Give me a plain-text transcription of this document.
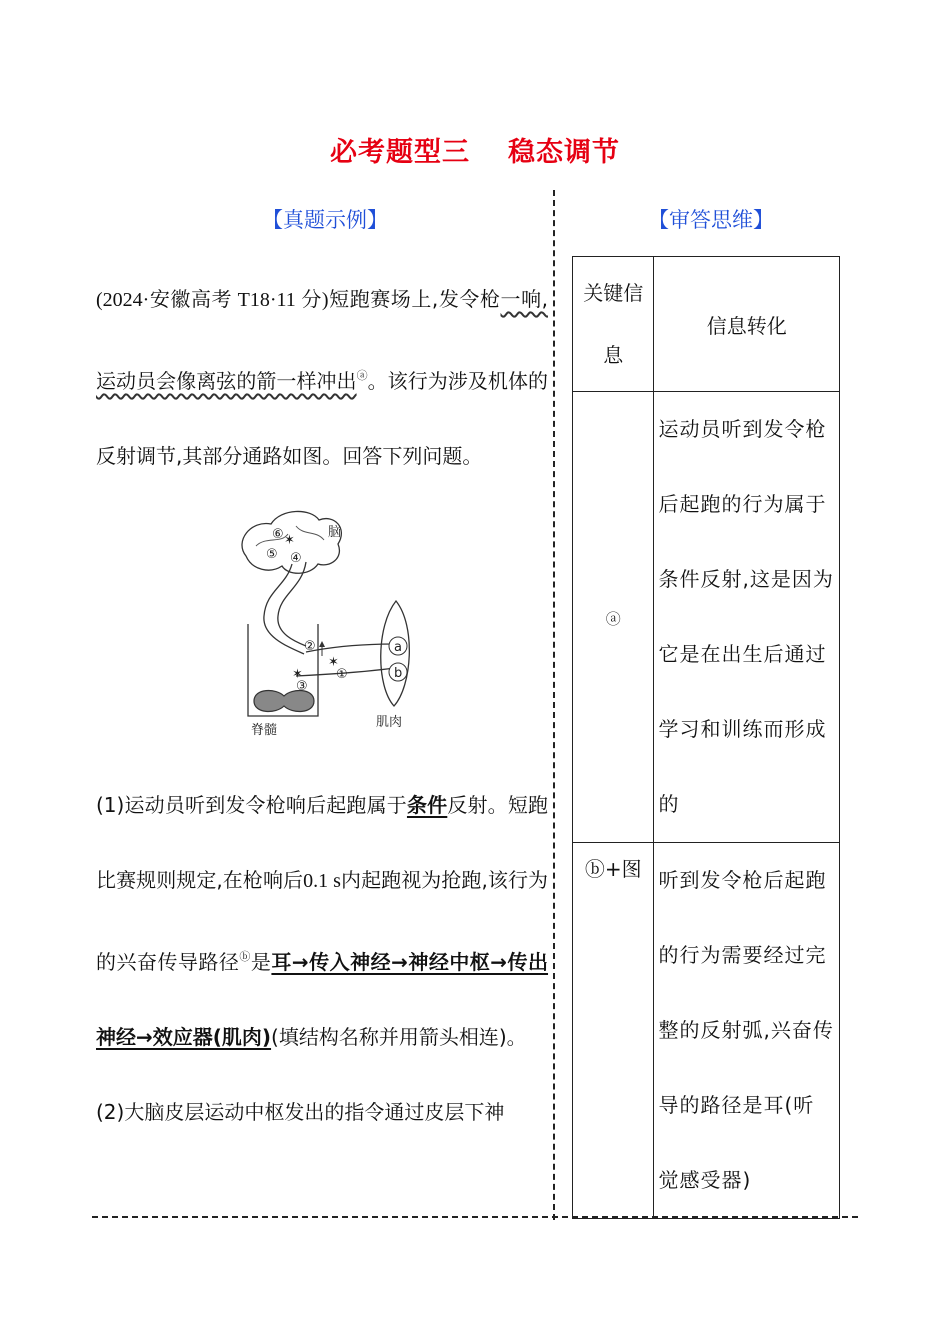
必考题型三 稳态调节
【真题示例】	【审答思维】

(2024·安徽高考 T18·11 分)短跑赛场上,发令枪一响,运动员会像离弦的箭一样冲出ⓐ。该行为涉及机体的反射调节,其部分通路如图。回答下列问题。

a
b
⑥
⑤ ④
②
③
①
✶
✶
✶
脑
脊髓
肌肉

(1)运动员听到发令枪响后起跑属于条件反射。短跑比赛规则规定,在枪响后0.1 s内起跑视为抢跑,该行为的兴奋传导路径ⓑ是耳→传入神经→神经中枢→传出神经→效应器(肌肉)(填结构名称并用箭头相连)。

(2)大脑皮层运动中枢发出的指令通过皮层下神

关键信
息	信息转化
ⓐ	运动员听到发令枪后起跑的行为属于条件反射,这是因为它是在出生后通过学习和训练而形成的
ⓑ+图	听到发令枪后起跑的行为需要经过完整的反射弧,兴奋传导的路径是耳(听觉感受器)
